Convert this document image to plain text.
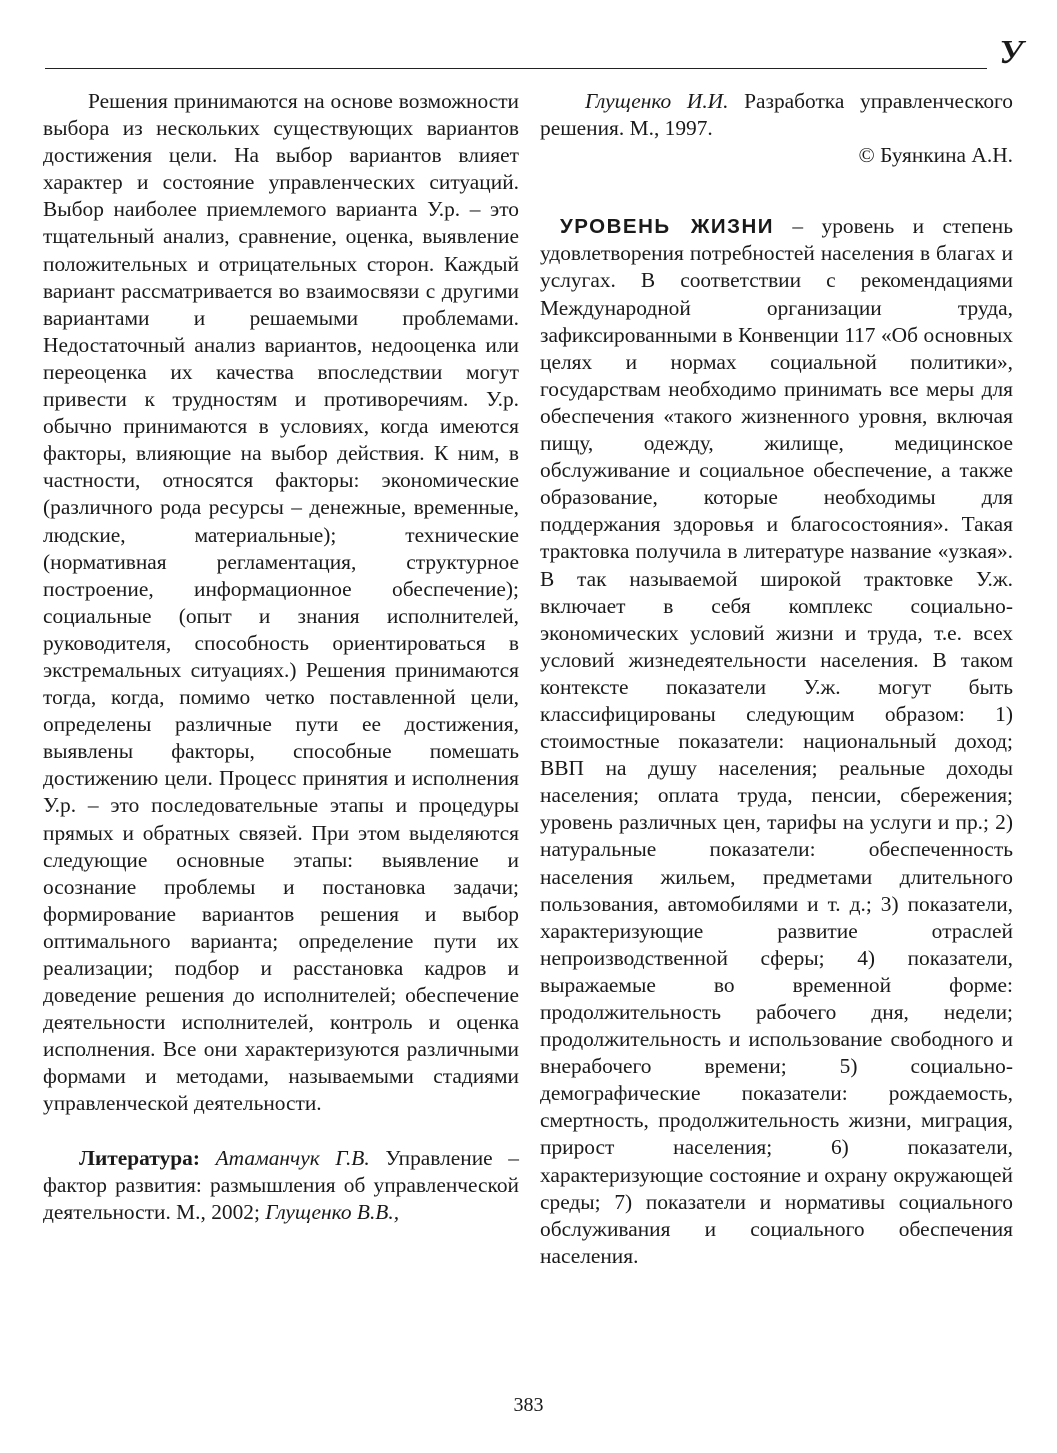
У

Решения принимаются на основе возможности выбора из нескольких существующих вариантов достижения цели. На выбор вариантов влияет характер и состояние управленческих ситуаций. Выбор наиболее приемлемого варианта У.р. – это тщательный анализ, сравнение, оценка, выявление положительных и отрицательных сторон. Каждый вариант рассматривается во взаимосвязи с другими вариантами и решаемыми проблемами. Недостаточный анализ вариантов, недооценка или переоценка их качества впоследствии могут привести к трудностям и противоречиям. У.р. обычно принимаются в условиях, когда имеются факторы, влияющие на выбор действия. К ним, в частности, относятся факторы: экономические (различного рода ресурсы – денежные, временные, людские, материальные); технические (нормативная регламентация, структурное построение, информационное обеспечение); социальные (опыт и знания исполнителей, руководителя, способность ориентироваться в экстремальных ситуациях.) Решения принимаются тогда, когда, помимо четко поставленной цели, определены различные пути ее достижения, выявлены факторы, способные помешать достижению цели. Процесс принятия и исполнения У.р. – это последовательные этапы и процедуры прямых и обратных связей. При этом выделяются следующие основные этапы: выявление и осознание проблемы и постановка задачи; формирование вариантов решения и выбор оптимального варианта; определение пути их реализации; подбор и расстановка кадров и доведение решения до исполнителей; обеспечение деятельности исполнителей, контроль и оценка исполнения. Все они характеризуются различными формами и методами, называемыми стадиями управленческой деятельности.

Литература: Атаманчук Г.В. Управление – фактор развития: размышления об управленческой деятельности. М., 2002; Глущенко В.В.,

Глущенко И.И. Разработка управленческого решения. М., 1997.

© Буянкина А.Н.

УРОВЕНЬ ЖИЗНИ – уровень и степень удовлетворения потребностей населения в благах и услугах. В соответствии с рекомендациями Международной организации труда, зафиксированными в Конвенции 117 «Об основных целях и нормах социальной политики», государствам необходимо принимать все меры для обеспечения «такого жизненного уровня, включая пищу, одежду, жилище, медицинское обслуживание и социальное обеспечение, а также образование, которые необходимы для поддержания здоровья и благосостояния». Такая трактовка получила в литературе название «узкая». В так называемой широкой трактовке У.ж. включает в себя комплекс социально-экономических условий жизни и труда, т.е. всех условий жизнедеятельности населения. В таком контексте показатели У.ж. могут быть классифицированы следующим образом: 1) стоимостные показатели: национальный доход; ВВП на душу населения; реальные доходы населения; оплата труда, пенсии, сбережения; уровень различных цен, тарифы на услуги и пр.; 2) натуральные показатели: обеспеченность населения жильем, предметами длительного пользования, автомобилями и т. д.; 3) показатели, характеризующие развитие отраслей непроизводственной сферы; 4) показатели, выражаемые во временной форме: продолжительность рабочего дня, недели; продолжительность и использование свободного и внерабочего времени; 5) социально-демографические показатели: рождаемость, смертность, продолжительность жизни, миграция, прирост населения; 6) показатели, характеризующие состояние и охрану окружающей среды; 7) показатели и нормативы социального обслуживания и социального обеспечения населения.

383
